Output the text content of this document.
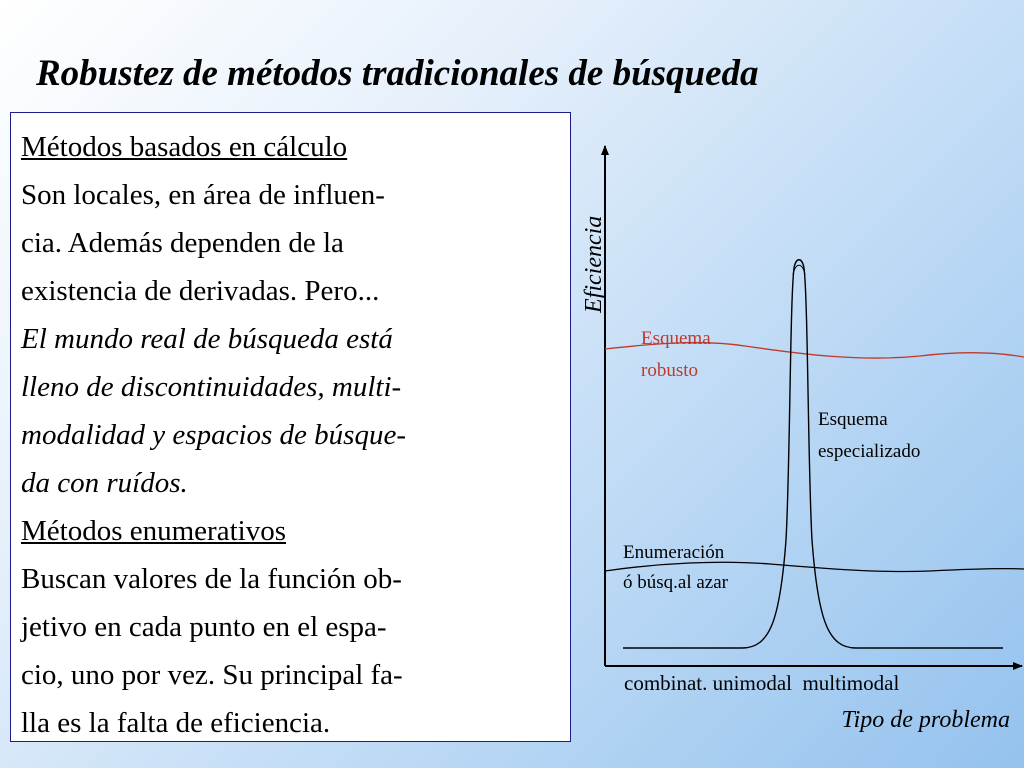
Robustez de métodos tradicionales de búsqueda
Métodos basados en cálculo
Son locales, en área de influen-
cia. Además dependen de la
existencia de derivadas. Pero...
El mundo real de búsqueda está
lleno de discontinuidades, multi-
modalidad y espacios de búsque-
da con ruídos.
Métodos enumerativos
Buscan valores de la función ob-
jetivo en cada punto en el espa-
cio, uno por vez. Su principal fa-
lla es la falta de eficiencia.
Eficiencia
Esquema
robusto
Esquema
especializado
Enumeración
ó búsq.al azar
combinat. unimodal  multimodal
Tipo de problema
